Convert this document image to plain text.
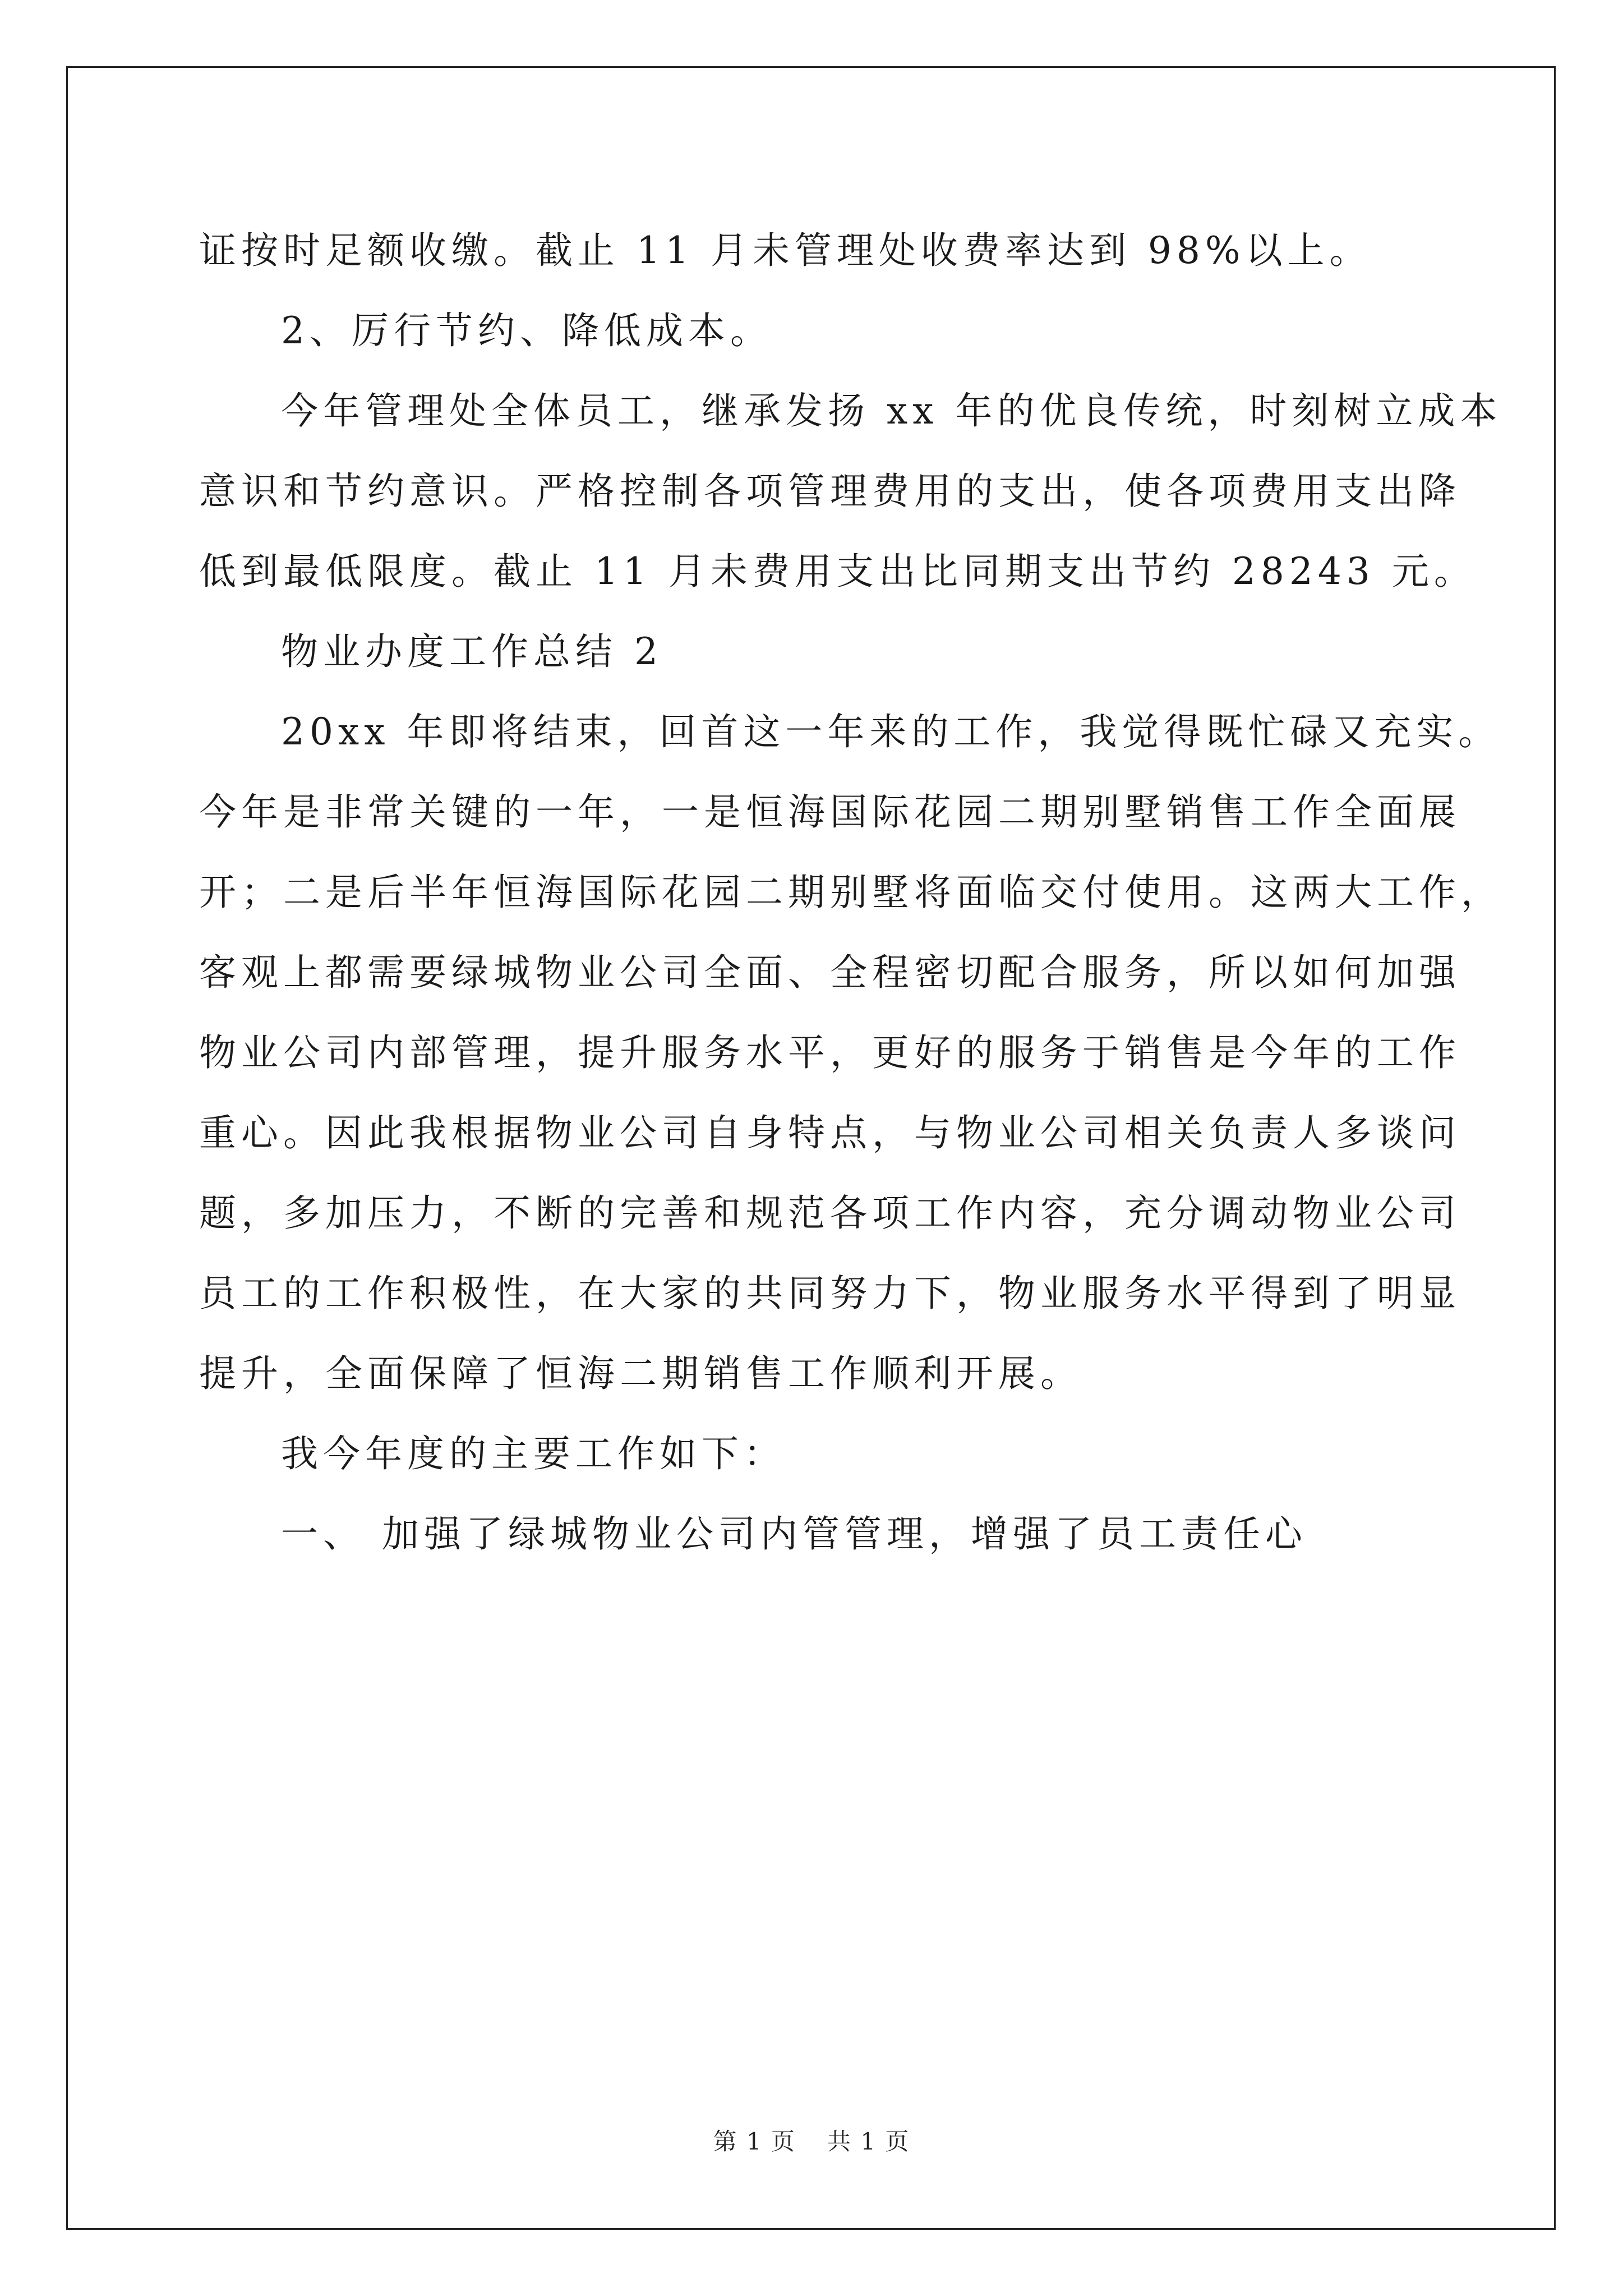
证按时足额收缴。截止 11 月未管理处收费率达到 98%以上。
2、厉行节约、降低成本。
今年管理处全体员工，继承发扬 xx 年的优良传统，时刻树立成本
意识和节约意识。严格控制各项管理费用的支出，使各项费用支出降
低到最低限度。截止 11 月未费用支出比同期支出节约 28243 元。
物业办度工作总结 2
20xx 年即将结束，回首这一年来的工作，我觉得既忙碌又充实。
今年是非常关键的一年，一是恒海国际花园二期别墅销售工作全面展
开；二是后半年恒海国际花园二期别墅将面临交付使用。这两大工作，
客观上都需要绿城物业公司全面、全程密切配合服务，所以如何加强
物业公司内部管理，提升服务水平，更好的服务于销售是今年的工作
重心。因此我根据物业公司自身特点，与物业公司相关负责人多谈问
题，多加压力，不断的完善和规范各项工作内容，充分调动物业公司
员工的工作积极性，在大家的共同努力下，物业服务水平得到了明显
提升，全面保障了恒海二期销售工作顺利开展。
我今年度的主要工作如下：
一、 加强了绿城物业公司内管管理，增强了员工责任心
第 1 页 共 1 页
